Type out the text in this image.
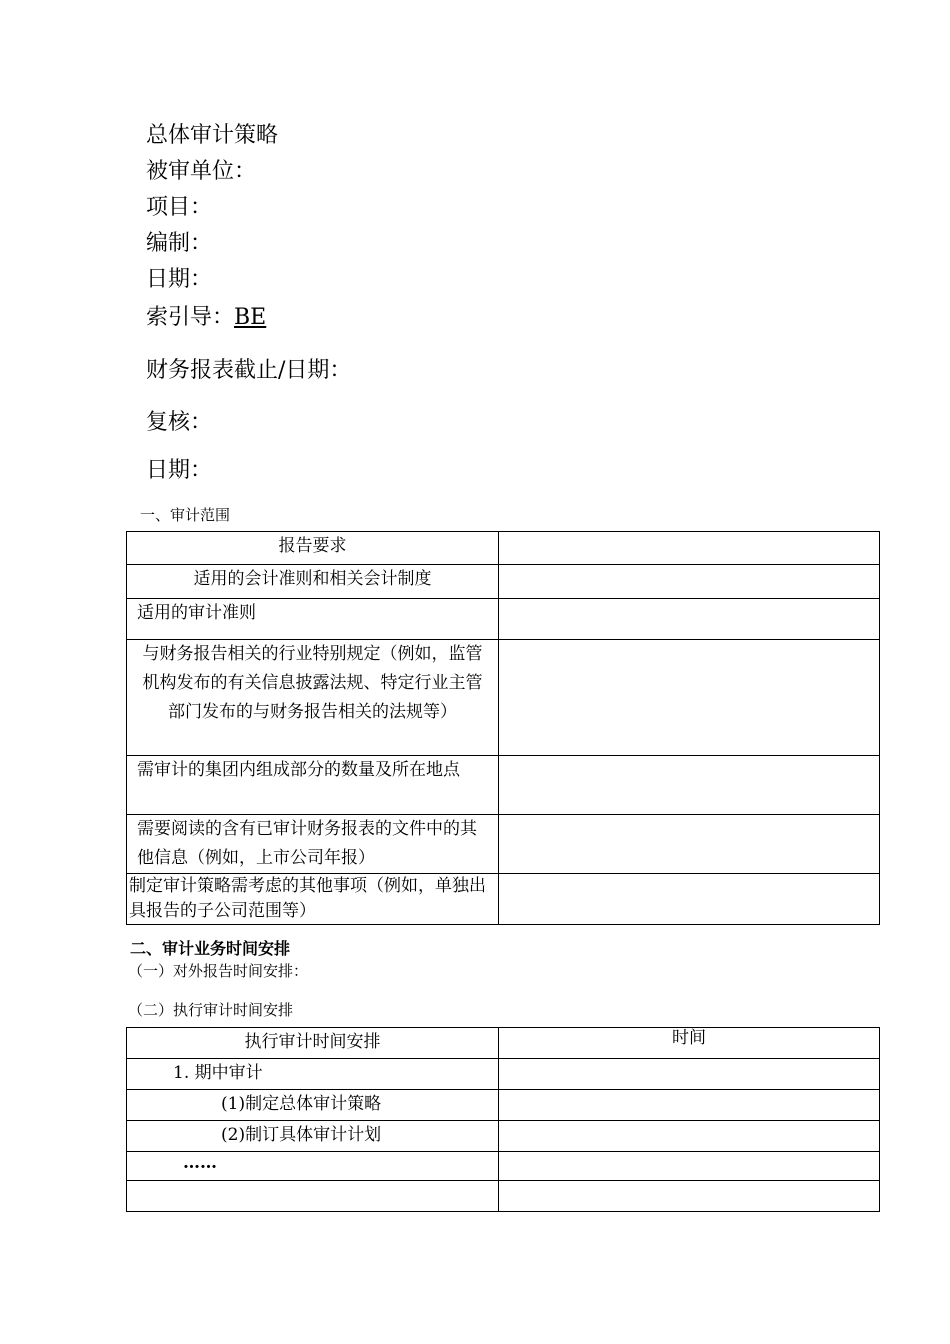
总体审计策略
被审单位：
项目：
编制：
日期：
索引导：BE
财务报表截止/日期：
复核：
日期：
一、审计范围
报告要求	
适用的会计准则和相关会计制度	
适用的审计准则	
与财务报告相关的行业特别规定（例如，监管机构发布的有关信息披露法规、特定行业主管部门发布的与财务报告相关的法规等）	
需审计的集团内组成部分的数量及所在地点	
需要阅读的含有已审计财务报表的文件中的其他信息（例如，上市公司年报）	
制定审计策略需考虑的其他事项（例如，单独出具报告的子公司范围等）	
二、审计业务时间安排
（一）对外报告时间安排：
（二）执行审计时间安排
执行审计时间安排	时间
1. 期中审计	
(1)制定总体审计策略	
(2)制订具体审计计划	
……	
